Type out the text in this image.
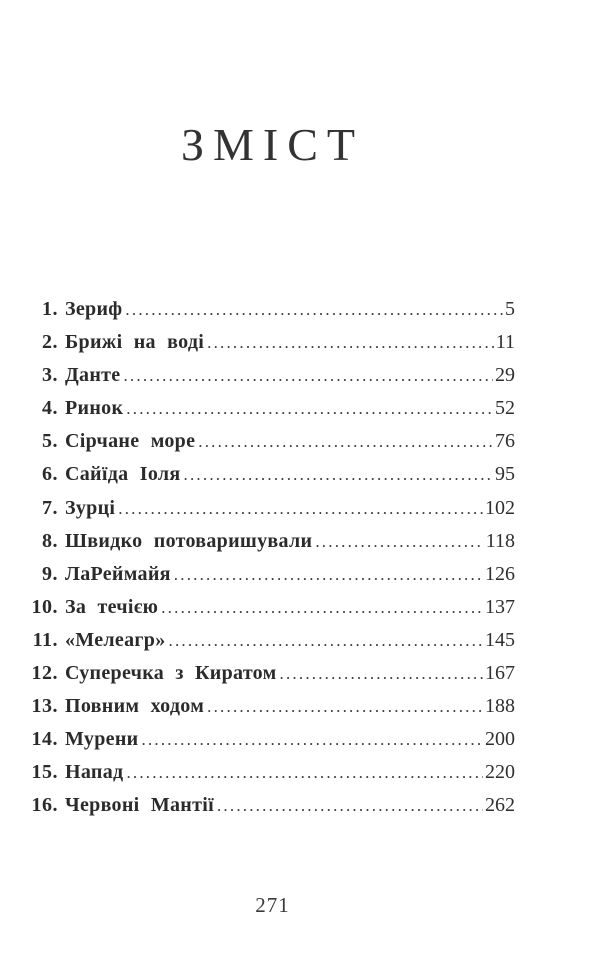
ЗМІСТ
1. Зериф .....	5
2. Брижі на воді .....	11
3. Данте .....	29
4. Ринок .....	52
5. Сірчане море .....	76
6. Сайїда Іоля .....	95
7. Зурці .....	102
8. Швидко потоваришували .....	118
9. ЛаРеймайя .....	126
10. За течією .....	137
11. «Мелеагр» .....	145
12. Суперечка з Киратом .....	167
13. Повним ходом .....	188
14. Мурени .....	200
15. Напад .....	220
16. Червоні Мантії .....	262
271
